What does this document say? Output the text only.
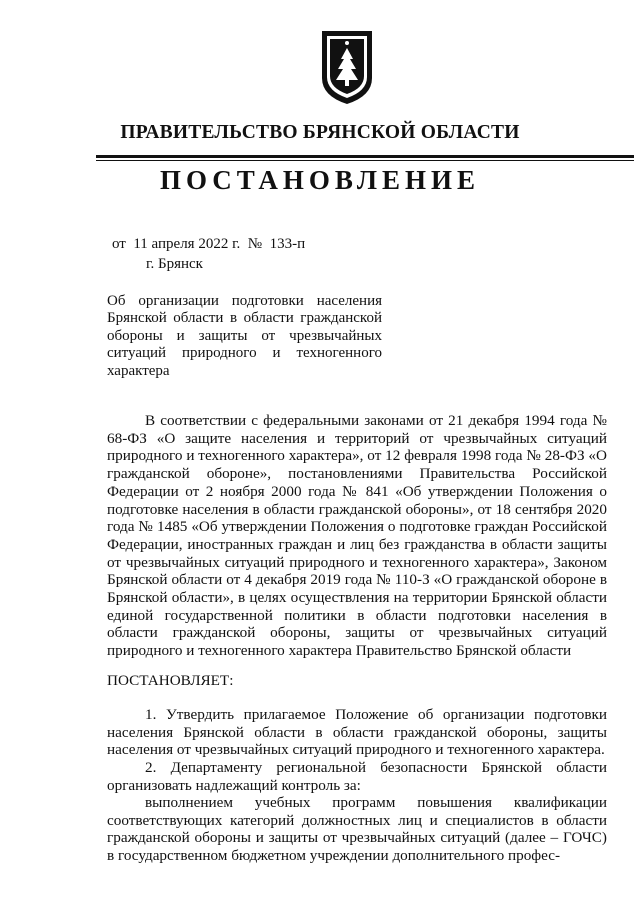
ПРАВИТЕЛЬСТВО БРЯНСКОЙ ОБЛАСТИ
ПОСТАНОВЛЕНИЕ
от  11 апреля 2022 г.  №  133-п
г. Брянск
Об организации подготовки населения Брянской области в области гражданской обороны и защиты от чрезвычайных ситуаций природного и техногенного характера
В соответствии с федеральными законами от 21 декабря 1994 года № 68-ФЗ «О защите населения и территорий от чрезвычайных ситуаций природного и техногенного характера», от 12 февраля 1998 года № 28-ФЗ «О гражданской обороне», постановлениями Правительства Российской Федерации от 2 ноября 2000 года № 841 «Об утверждении Положения о подготовке населения в области гражданской обороны», от 18 сентября 2020 года № 1485 «Об утверждении Положения о подготовке граждан Российской Федерации, иностранных граждан и лиц без гражданства в области защиты от чрезвычайных ситуаций природного и техногенного характера», Законом Брянской области от 4 декабря 2019 года № 110-З «О гражданской обороне в Брянской области», в целях осуществления на территории Брянской области единой государственной политики в области подготовки населения в области гражданской обороны, защиты от чрезвычайных ситуаций природного и техногенного характера Правительство Брянской области
ПОСТАНОВЛЯЕТ:
1. Утвердить прилагаемое Положение об организации подготовки населения Брянской области в области гражданской обороны, защиты населения от чрезвычайных ситуаций природного и техногенного характера.
2. Департаменту региональной безопасности Брянской области организовать надлежащий контроль за:
выполнением учебных программ повышения квалификации соответствующих категорий должностных лиц и специалистов в области гражданской обороны и защиты от чрезвычайных ситуаций (далее – ГОЧС) в государственном бюджетном учреждении дополнительного профес-
